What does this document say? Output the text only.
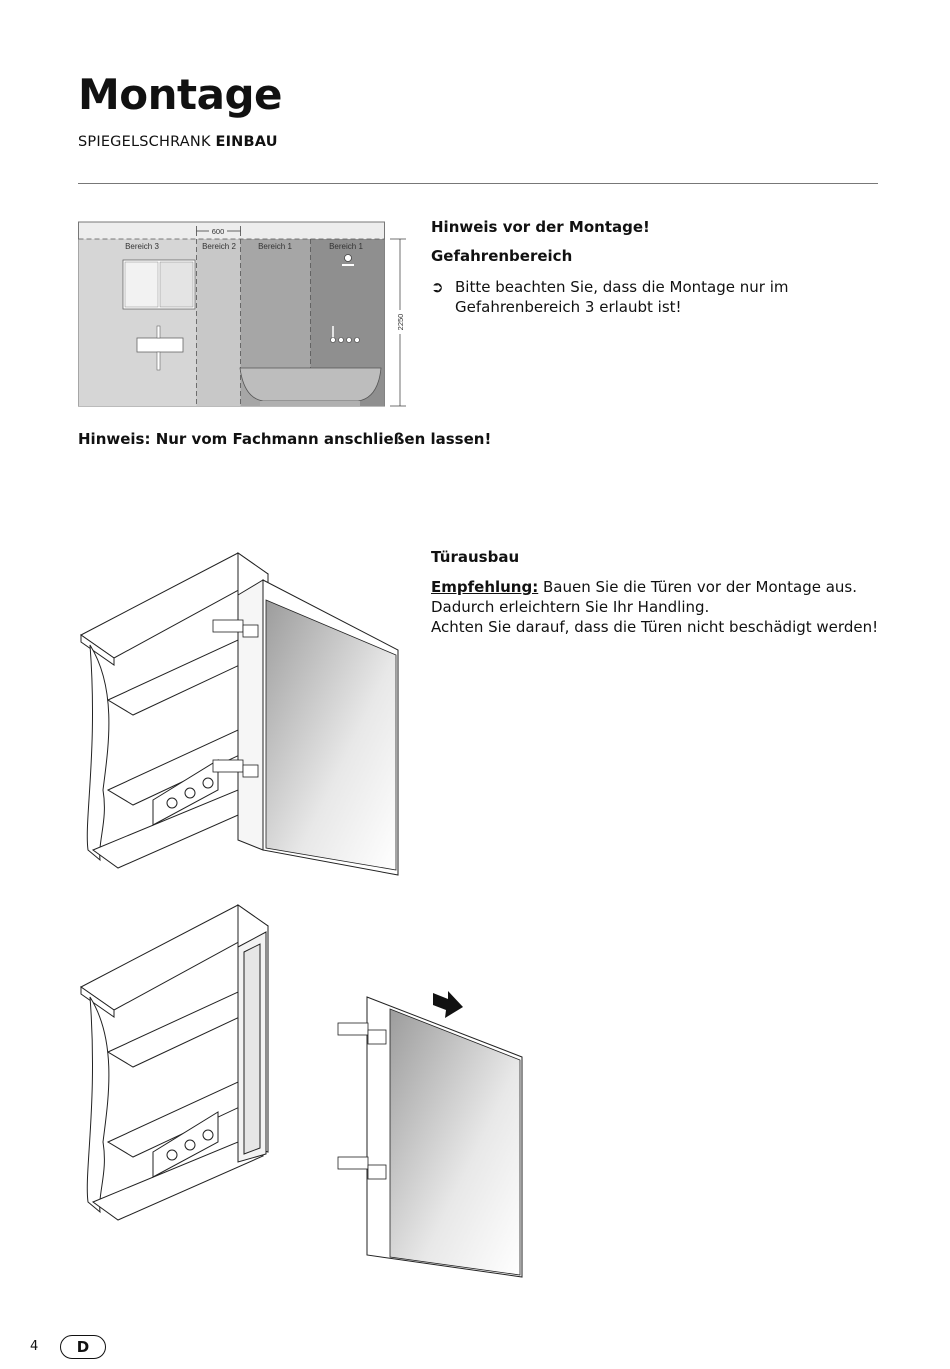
Montage
SPIEGELSCHRANK EINBAU
Bereich 3	Bereich 2	Bereich 1	Bereich 1
600
2250
Hinweis vor der Montage!
Gefahrenbereich
➲ Bitte beachten Sie, dass die Montage nur im Gefahrenbereich 3 erlaubt ist!
Hinweis: Nur vom Fachmann anschließen lassen!
Türausbau
Empfehlung: Bauen Sie die Türen vor der Montage aus.
Dadurch erleichtern Sie Ihr Handling.
Achten Sie darauf, dass die Türen nicht beschädigt werden!
4	D
